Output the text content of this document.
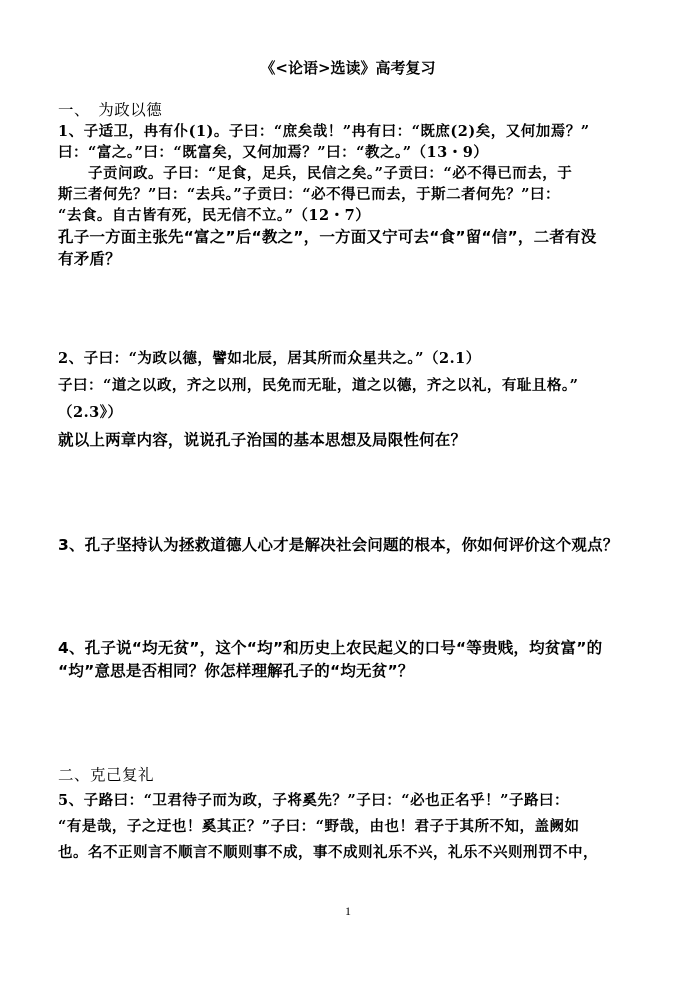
《<论语>选读》高考复习
一、　为政以德
1、子适卫，冉有仆(1)。子曰：“庶矣哉！”冉有曰：“既庶(2)矣，又何加焉？”
曰：“富之。”曰：“既富矣，又何加焉？”曰：“教之。”（13・9）
　　子贡问政。子曰：“足食，足兵，民信之矣。”子贡曰：“必不得已而去，于
斯三者何先？”曰：“去兵。”子贡曰：“必不得已而去，于斯二者何先？”曰：
“去食。自古皆有死，民无信不立。”（12・7）
孔子一方面主张先“富之”后“教之”，一方面又宁可去“食”留“信”，二者有没
有矛盾？
2、子曰：“为政以德，譬如北辰，居其所而众星共之。”（2.1）
子曰：“道之以政，齐之以刑，民免而无耻，道之以德，齐之以礼，有耻且格。”
（2.3》）
就以上两章内容，说说孔子治国的基本思想及局限性何在？
3、孔子坚持认为拯救道德人心才是解决社会问题的根本，你如何评价这个观点？
4、孔子说“均无贫”，这个“均”和历史上农民起义的口号“等贵贱，均贫富”的
“均”意思是否相同？你怎样理解孔子的“均无贫”？
二、克己复礼
5、子路曰：“卫君待子而为政，子将奚先？”子曰：“必也正名乎！”子路曰：
“有是哉，子之迂也！奚其正？”子曰：“野哉，由也！君子于其所不知，盖阙如
也。名不正则言不顺言不顺则事不成，事不成则礼乐不兴，礼乐不兴则刑罚不中，
1
